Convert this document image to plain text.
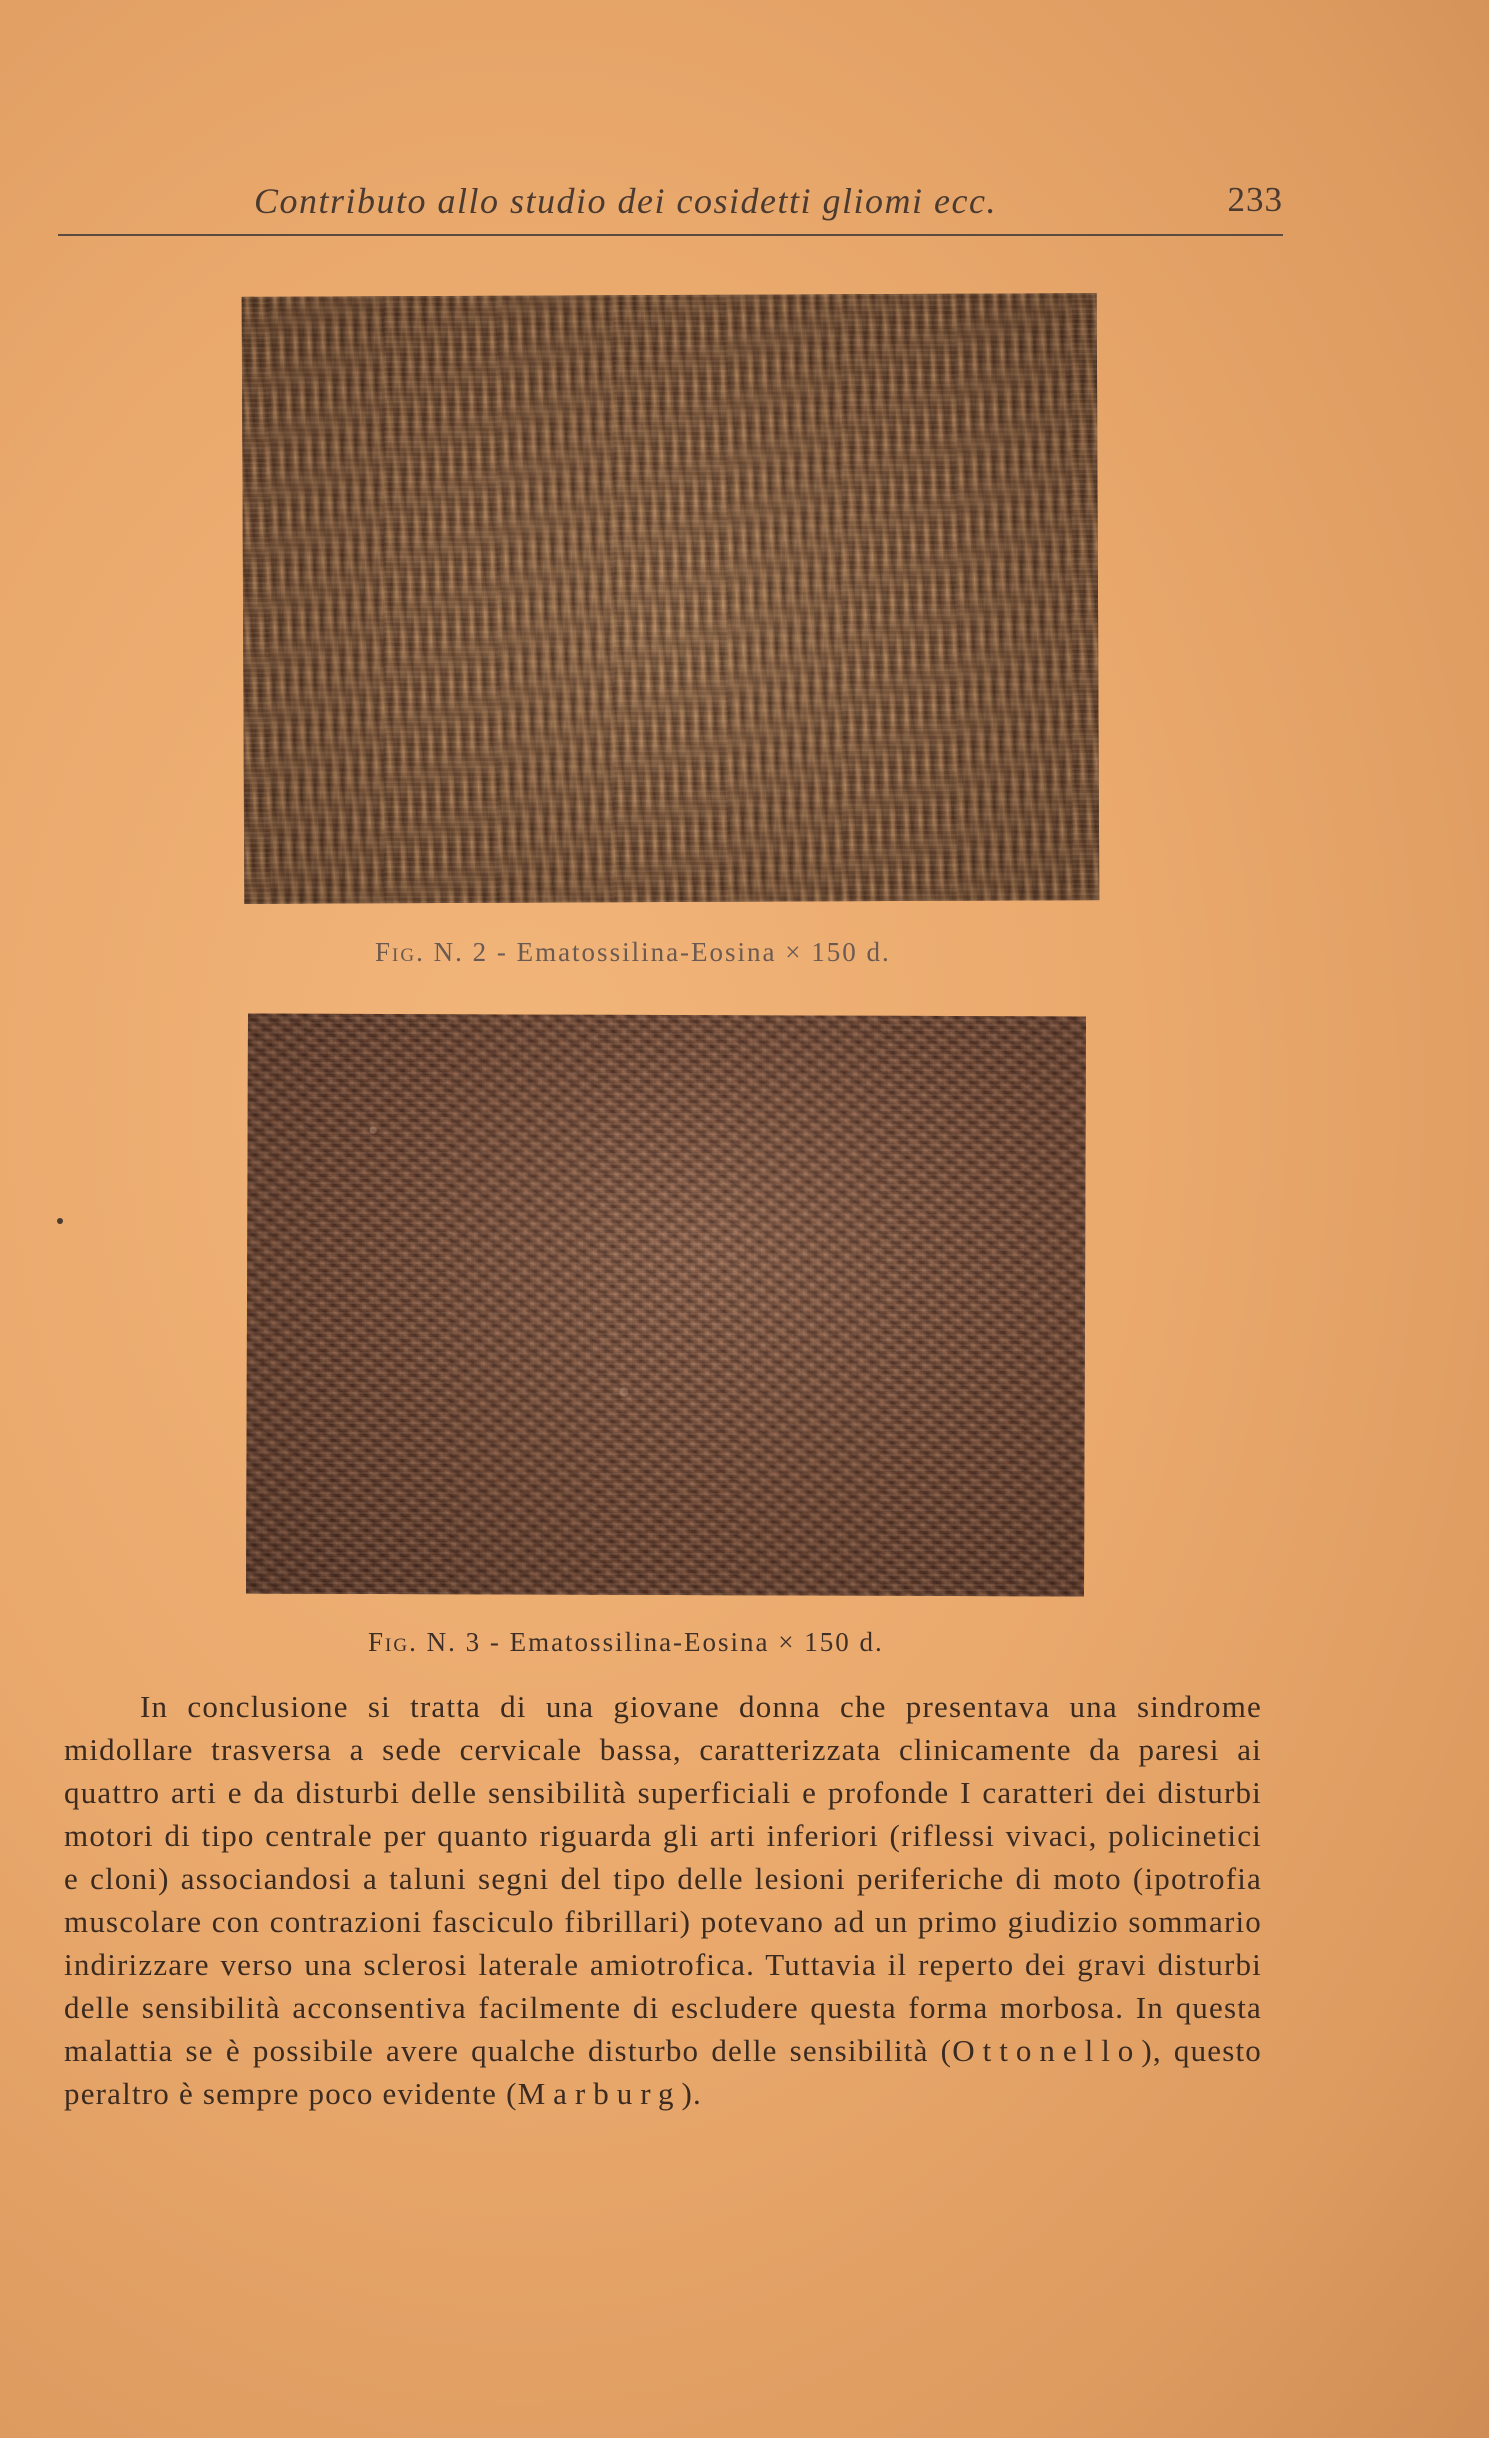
Contributo allo studio dei cosidetti gliomi ecc.	233
Fig. N. 2 - Ematossilina-Eosina × 150 d.
Fig. N. 3 - Ematossilina-Eosina × 150 d.

In conclusione si tratta di una giovane donna che presentava una sindrome midollare trasversa a sede cervicale bassa, caratterizzata clinicamente da paresi ai quattro arti e da disturbi delle sensibilità superficiali e profonde I caratteri dei disturbi motori di tipo centrale per quanto riguarda gli arti inferiori (riflessi vivaci, policinetici e cloni) associandosi a taluni segni del tipo delle lesioni periferiche di moto (ipotrofia muscolare con contrazioni fasciculo fibrillari) potevano ad un primo giudizio sommario indirizzare verso una sclerosi laterale amiotrofica. Tuttavia il reperto dei gravi disturbi delle sensibilità acconsentiva facilmente di escludere questa forma morbosa. In questa malattia se è possibile avere qualche disturbo delle sensibilità (Ottonello), questo peraltro è sempre poco evidente (Marburg).
